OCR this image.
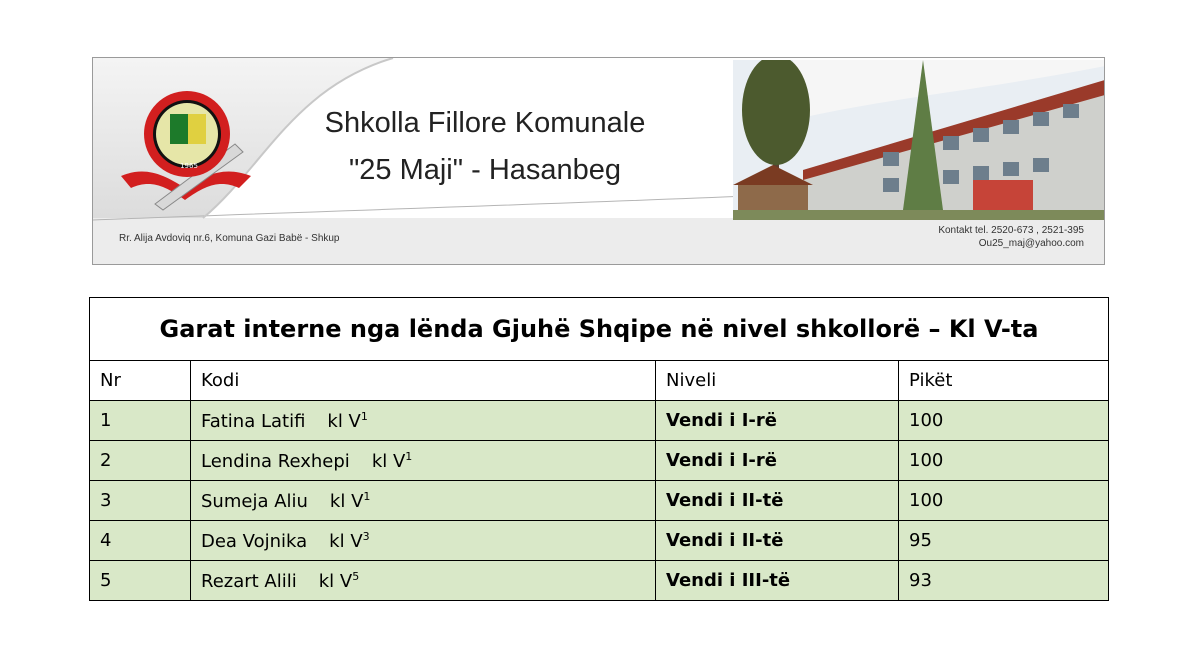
1965
Shkolla Fillore Komunale
"25 Maji" - Hasanbeg
Rr. Alija Avdoviq nr.6, Komuna Gazi Babë - Shkup
Kontakt tel. 2520-673 , 2521-395
Ou25_maj@yahoo.com
Garat interne nga lënda Gjuhë Shqipe në nivel shkollorë – Kl V-ta			
Nr	Kodi	Niveli	Pikët
1	Fatina Latifi kl $V^1$	Vendi i I-rë	100
2	Lendina Rexhepi kl $V^1$	Vendi i I-rë	100
3	Sumeja Aliu kl $V^1$	Vendi i II-të	100
4	Dea Vojnika kl $V^3$	Vendi i II-të	95
5	Rezart Alili kl $V^5$	Vendi i III-të	93
